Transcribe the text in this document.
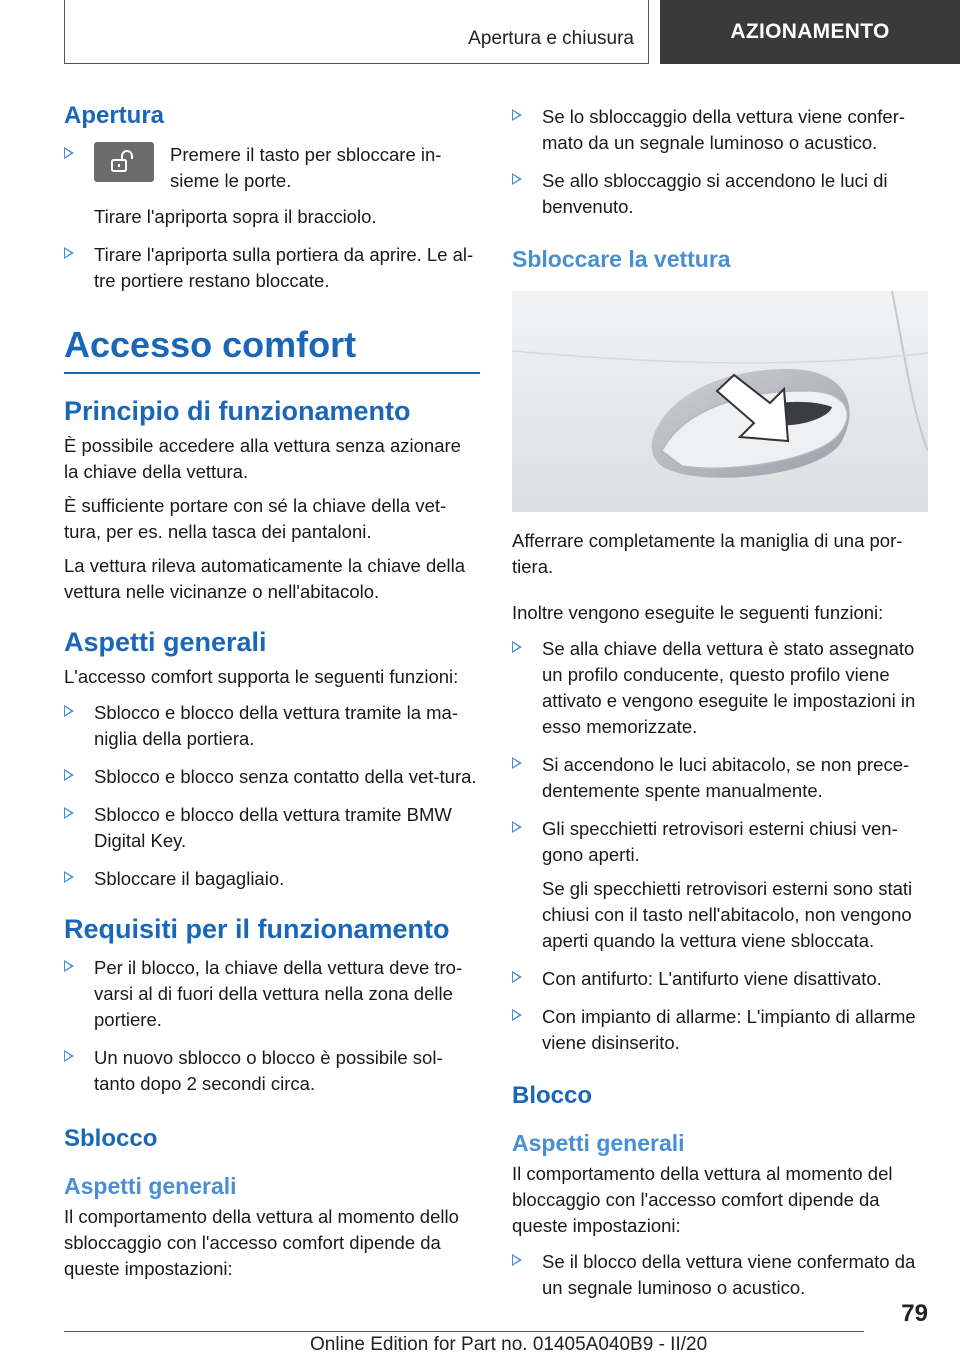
Apertura e chiusura	AZIONAMENTO
Apertura
Premere il tasto per sbloccare in-
sieme le porte.

Tirare l'apriporta sopra il bracciolo.

Tirare l'apriporta sulla portiera da aprire. Le al-tre portiere restano bloccate.
Accesso comfort
Principio di funzionamento

È possibile accedere alla vettura senza azionare la chiave della vettura.

È sufficiente portare con sé la chiave della vet-tura, per es. nella tasca dei pantaloni.

La vettura rileva automaticamente la chiave della vettura nelle vicinanze o nell'abitacolo.

Aspetti generali

L'accesso comfort supporta le seguenti funzioni:

Sblocco e blocco della vettura tramite la ma-niglia della portiera.
Sblocco e blocco senza contatto della vet-tura.
Sblocco e blocco della vettura tramite BMW Digital Key.
Sbloccare il bagagliaio.
Requisiti per il funzionamento
Per il blocco, la chiave della vettura deve tro-varsi al di fuori della vettura nella zona delle portiere.
Un nuovo sblocco o blocco è possibile sol-tanto dopo 2 secondi circa.
Sblocco
Aspetti generali

Il comportamento della vettura al momento dello sbloccaggio con l'accesso comfort dipende da queste impostazioni:

Se lo sbloccaggio della vettura viene confer-mato da un segnale luminoso o acustico.
Se allo sbloccaggio si accendono le luci di benvenuto.
Sbloccare la vettura

Afferrare completamente la maniglia di una por-tiera.

Inoltre vengono eseguite le seguenti funzioni:

Se alla chiave della vettura è stato assegnato un profilo conducente, questo profilo viene attivato e vengono eseguite le impostazioni in esso memorizzate.
Si accendono le luci abitacolo, se non prece-dentemente spente manualmente.
Gli specchietti retrovisori esterni chiusi ven-gono aperti.

Se gli specchietti retrovisori esterni sono stati chiusi con il tasto nell'abitacolo, non vengono aperti quando la vettura viene sbloccata.

Con antifurto: L'antifurto viene disattivato.
Con impianto di allarme: L'impianto di allarme viene disinserito.
Blocco
Aspetti generali

Il comportamento della vettura al momento del bloccaggio con l'accesso comfort dipende da queste impostazioni:

Se il blocco della vettura viene confermato da un segnale luminoso o acustico.
79
Online Edition for Part no. 01405A040B9 - II/20
